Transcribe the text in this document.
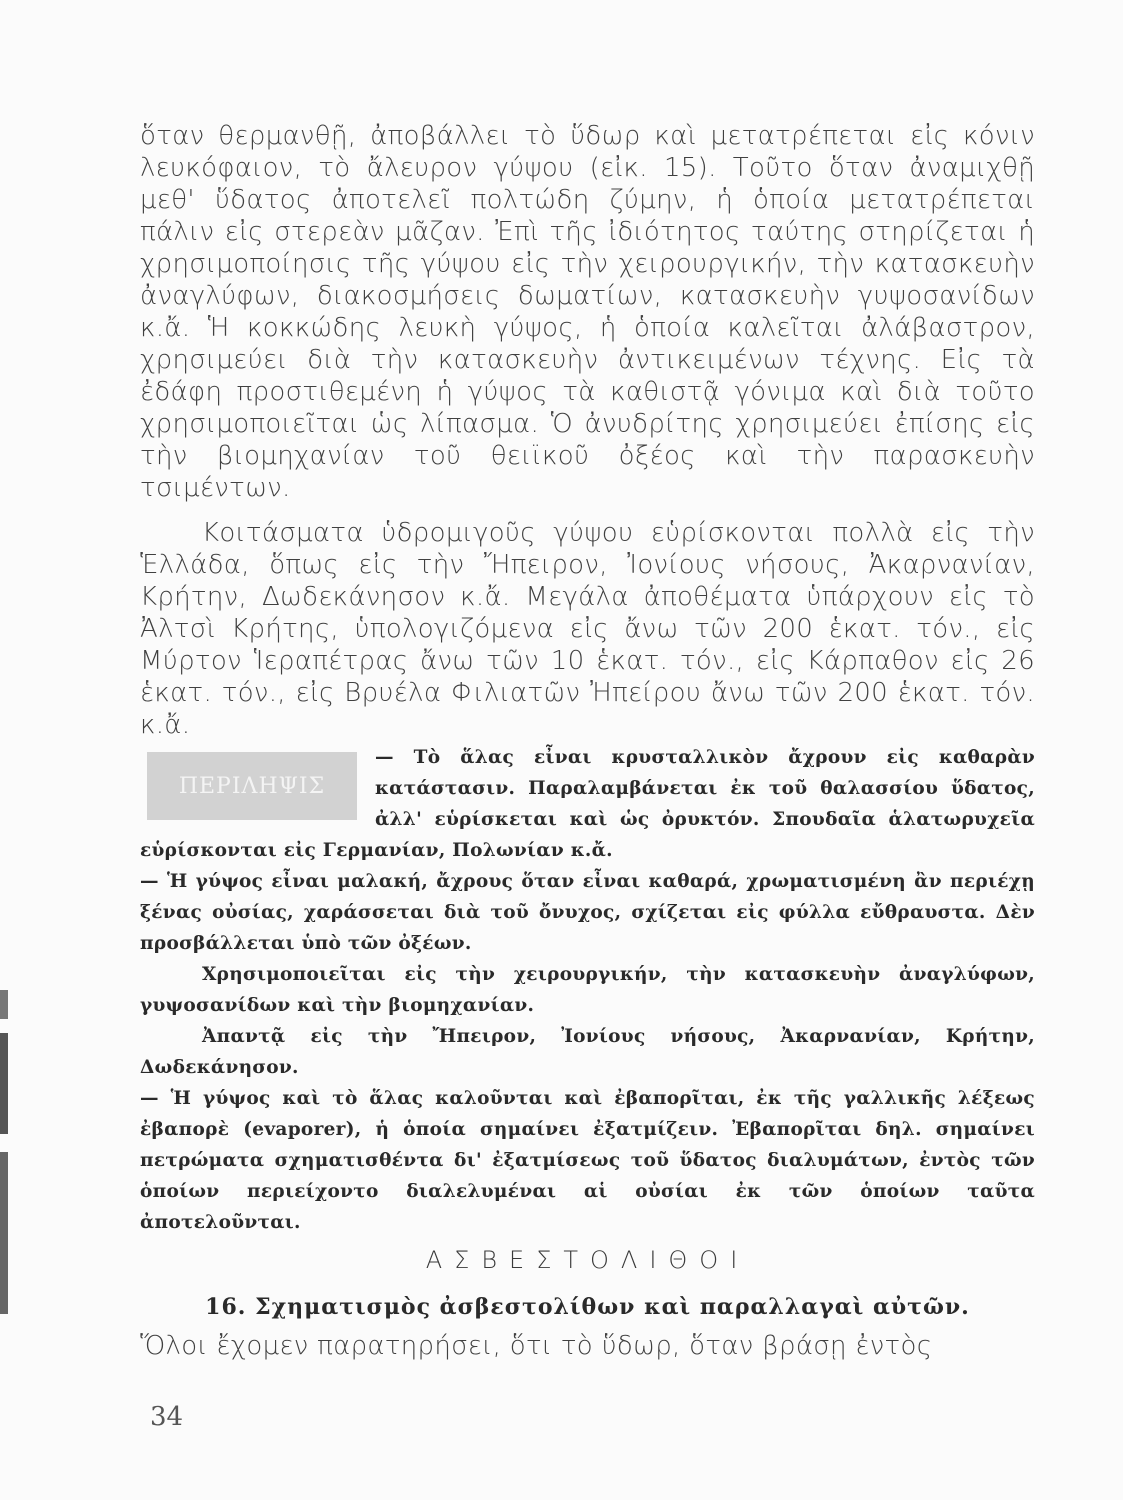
ὅταν θερμανθῇ, ἀποβάλλει τὸ ὕδωρ καὶ μετατρέπεται εἰς κόνιν λευκόφαιον, τὸ ἄλευρον γύψου (εἰκ. 15). Τοῦτο ὅταν ἀναμιχθῇ μεθ' ὕδατος ἀποτελεῖ πολτώδη ζύμην, ἡ ὁποία μετατρέπεται πάλιν εἰς στερεὰν μᾶζαν. Ἐπὶ τῆς ἰδιότητος ταύτης στηρίζεται ἡ χρησιμοποίησις τῆς γύψου εἰς τὴν χειρουργικήν, τὴν κατασκευὴν ἀναγλύφων, διακοσμήσεις δωματίων, κατασκευὴν γυψοσανίδων κ.ἄ. Ἡ κοκκώδης λευκὴ γύψος, ἡ ὁποία καλεῖται ἀλάβαστρον, χρησιμεύει διὰ τὴν κατασκευὴν ἀντικειμένων τέχνης. Εἰς τὰ ἐδάφη προστιθεμένη ἡ γύψος τὰ καθιστᾷ γόνιμα καὶ διὰ τοῦτο χρησιμοποιεῖται ὡς λίπασμα. Ὁ ἀνυδρίτης χρησιμεύει ἐπίσης εἰς τὴν βιομηχανίαν τοῦ θειϊκοῦ ὀξέος καὶ τὴν παρασκευὴν τσιμέντων.

Κοιτάσματα ὑδρομιγοῦς γύψου εὑρίσκονται πολλὰ εἰς τὴν Ἑλλάδα, ὅπως εἰς τὴν Ἤπειρον, Ἰονίους νήσους, Ἀκαρνανίαν, Κρήτην, Δωδεκάνησον κ.ἄ. Μεγάλα ἀποθέματα ὑπάρχουν εἰς τὸ Ἀλτσὶ Κρήτης, ὑπολογιζόμενα εἰς ἄνω τῶν 200 ἑκατ. τόν., εἰς Μύρτον Ἱεραπέτρας ἄνω τῶν 10 ἑκατ. τόν., εἰς Κάρπαθον εἰς 26 ἑκατ. τόν., εἰς Βρυέλα Φιλιατῶν Ἠπείρου ἄνω τῶν 200 ἑκατ. τόν. κ.ἄ.

ΠΕΡΙΛΗΨΙΣ

— Τὸ ἅλας εἶναι κρυσταλλικὸν ἄχρουν εἰς καθαρὰν κατάστασιν. Παραλαμβάνεται ἐκ τοῦ θαλασσίου ὕδατος, ἀλλ' εὑρίσκεται καὶ ὡς ὀρυκτόν. Σπουδαῖα ἁλατωρυχεῖα εὑρίσκονται εἰς Γερμανίαν, Πολωνίαν κ.ἄ.

— Ἡ γύψος εἶναι μαλακή, ἄχρους ὅταν εἶναι καθαρά, χρωματισμένη ἂν περιέχῃ ξένας οὐσίας, χαράσσεται διὰ τοῦ ὄνυχος, σχίζεται εἰς φύλλα εὔθραυστα. Δὲν προσβάλλεται ὑπὸ τῶν ὀξέων.

Χρησιμοποιεῖται εἰς τὴν χειρουργικήν, τὴν κατασκευὴν ἀναγλύφων, γυψοσανίδων καὶ τὴν βιομηχανίαν.

Ἀπαντᾷ εἰς τὴν Ἤπειρον, Ἰονίους νήσους, Ἀκαρνανίαν, Κρήτην, Δωδεκάνησον.

— Ἡ γύψος καὶ τὸ ἅλας καλοῦνται καὶ ἐβαπορῖται, ἐκ τῆς γαλλικῆς λέξεως ἐβαπορὲ (evaporer), ἡ ὁποία σημαίνει ἐξατμίζειν. Ἐβαπορῖται δηλ. σημαίνει πετρώματα σχηματισθέντα δι' ἐξατμίσεως τοῦ ὕδατος διαλυμάτων, ἐντὸς τῶν ὁποίων περιείχοντο διαλελυμέναι αἱ οὐσίαι ἐκ τῶν ὁποίων ταῦτα ἀποτελοῦνται.

ΑΣΒΕΣΤΟΛΙΘΟΙ
16. Σχηματισμὸς ἀσβεστολίθων καὶ παραλλαγαὶ αὐτῶν.
Ὅλοι ἔχομεν παρατηρήσει, ὅτι τὸ ὕδωρ, ὅταν βράσῃ ἐντὸς
34
